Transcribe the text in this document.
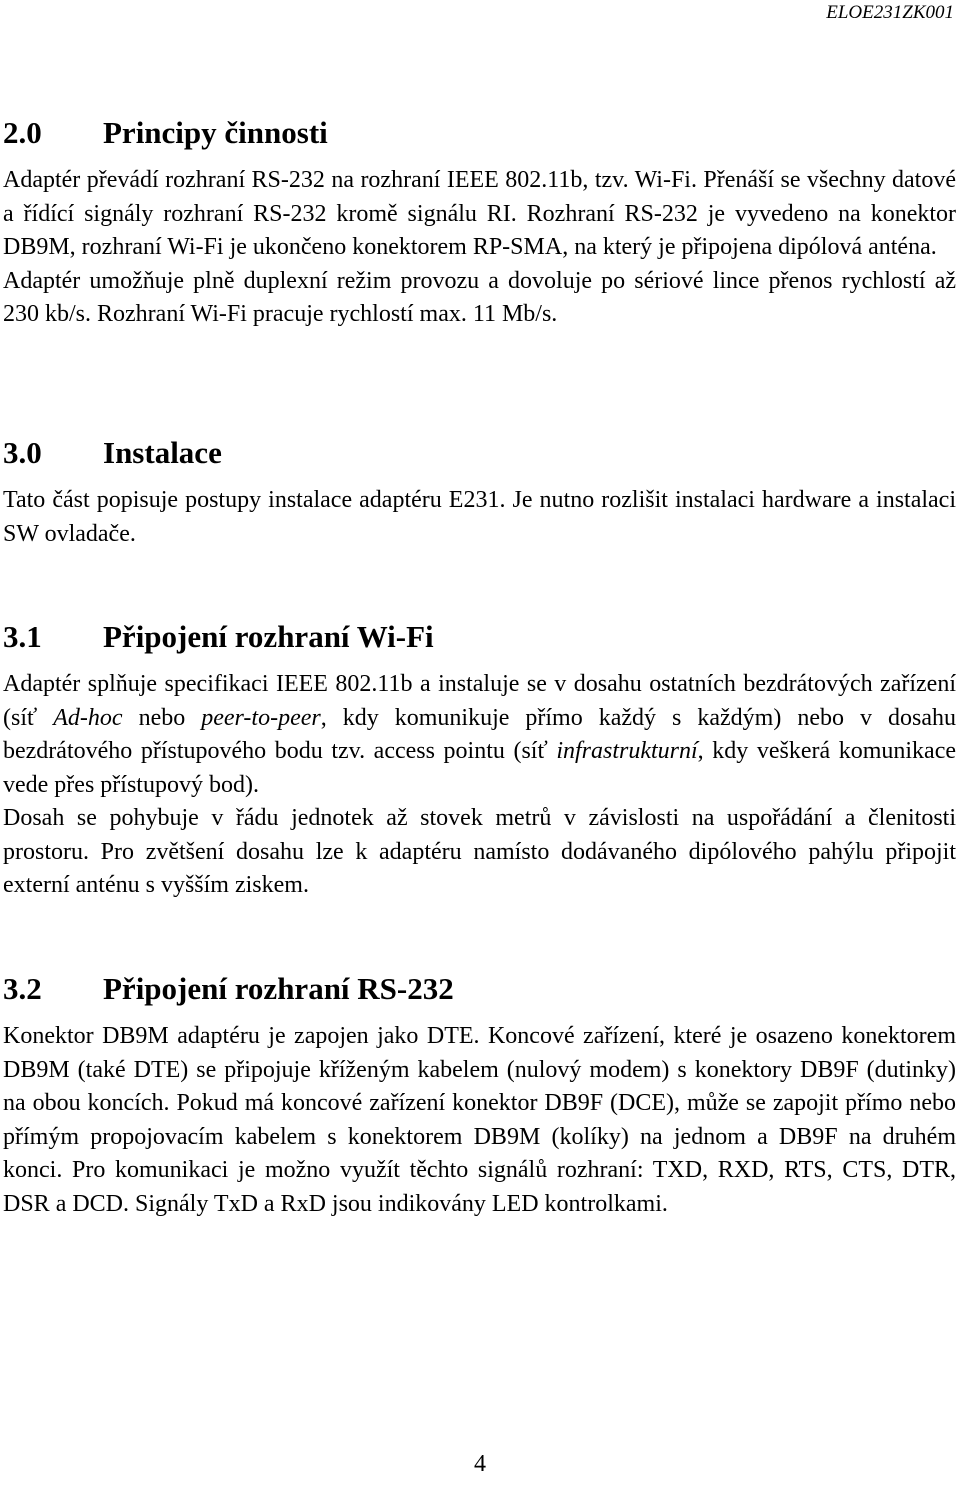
ELOE231ZK001
2.0	Principy činnosti

Adaptér převádí rozhraní RS-232 na rozhraní IEEE 802.11b, tzv. Wi-Fi. Přenáší se všechny datové a řídící signály rozhraní RS-232 kromě signálu RI. Rozhraní RS-232 je vyvedeno na konektor DB9M, rozhraní Wi-Fi je ukončeno konektorem RP-SMA, na který je připojena dipólová anténa.

Adaptér umožňuje plně duplexní režim provozu a dovoluje po sériové lince přenos rychlostí až 230 kb/s. Rozhraní Wi-Fi pracuje rychlostí max. 11 Mb/s.

3.0	Instalace

Tato část popisuje postupy instalace adaptéru E231. Je nutno rozlišit instalaci hardware a instalaci SW ovladače.

3.1	Připojení rozhraní Wi-Fi

Adaptér splňuje specifikaci IEEE 802.11b a instaluje se v dosahu ostatních bezdrátových zařízení (síť Ad-hoc nebo peer-to-peer, kdy komunikuje přímo každý s každým) nebo v dosahu bezdrátového přístupového bodu tzv. access pointu (síť infrastrukturní, kdy veškerá komunikace vede přes přístupový bod).

Dosah se pohybuje v řádu jednotek až stovek metrů v závislosti na uspořádání a členitosti prostoru. Pro zvětšení dosahu lze k adaptéru namísto dodávaného dipólového pahýlu připojit externí anténu s vyšším ziskem.

3.2	Připojení rozhraní RS-232

Konektor DB9M adaptéru je zapojen jako DTE. Koncové zařízení, které je osazeno konektorem DB9M (také DTE) se připojuje kříženým kabelem (nulový modem) s konektory DB9F (dutinky) na obou koncích. Pokud má koncové zařízení konektor DB9F (DCE), může se zapojit přímo nebo přímým propojovacím kabelem s konektorem DB9M (kolíky) na jednom a DB9F na druhém konci. Pro komunikaci je možno využít těchto signálů rozhraní: TXD, RXD, RTS, CTS, DTR, DSR a DCD. Signály TxD a RxD jsou indikovány LED kontrolkami.

4
